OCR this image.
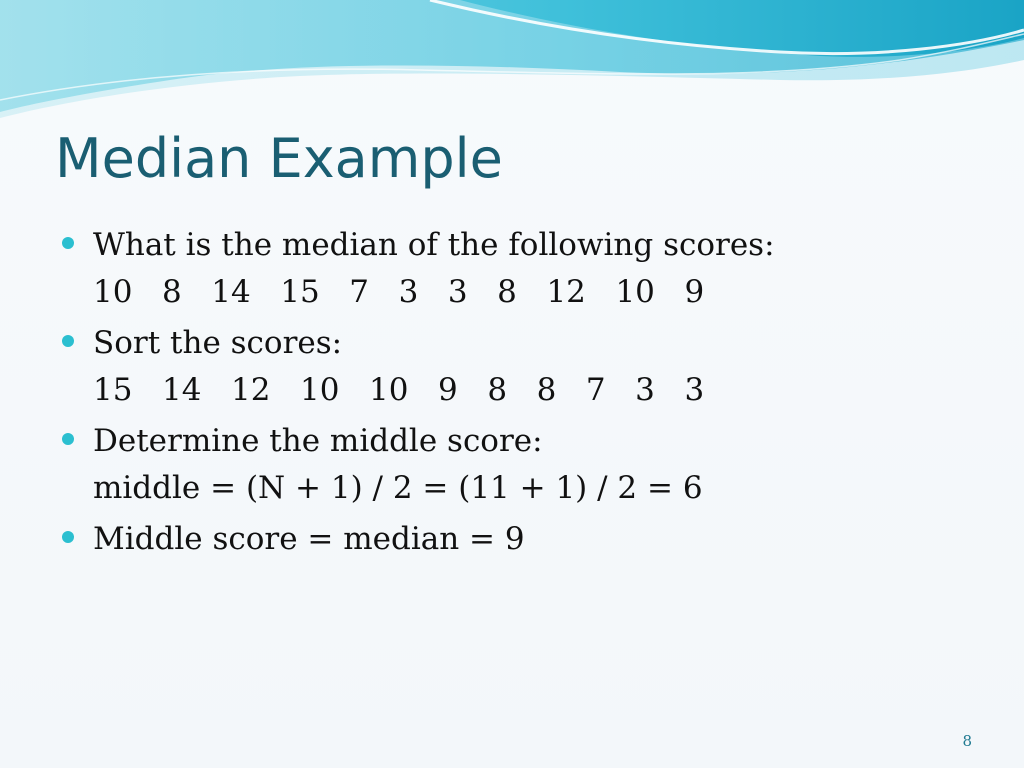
Median Example
What is the median of the following scores:
10   8   14   15   7   3   3   8   12   10   9
Sort the scores:
15   14   12   10   10   9   8   8   7   3   3
Determine the middle score:
middle = (N + 1) / 2 = (11 + 1) / 2 = 6
Middle score = median = 9
8
